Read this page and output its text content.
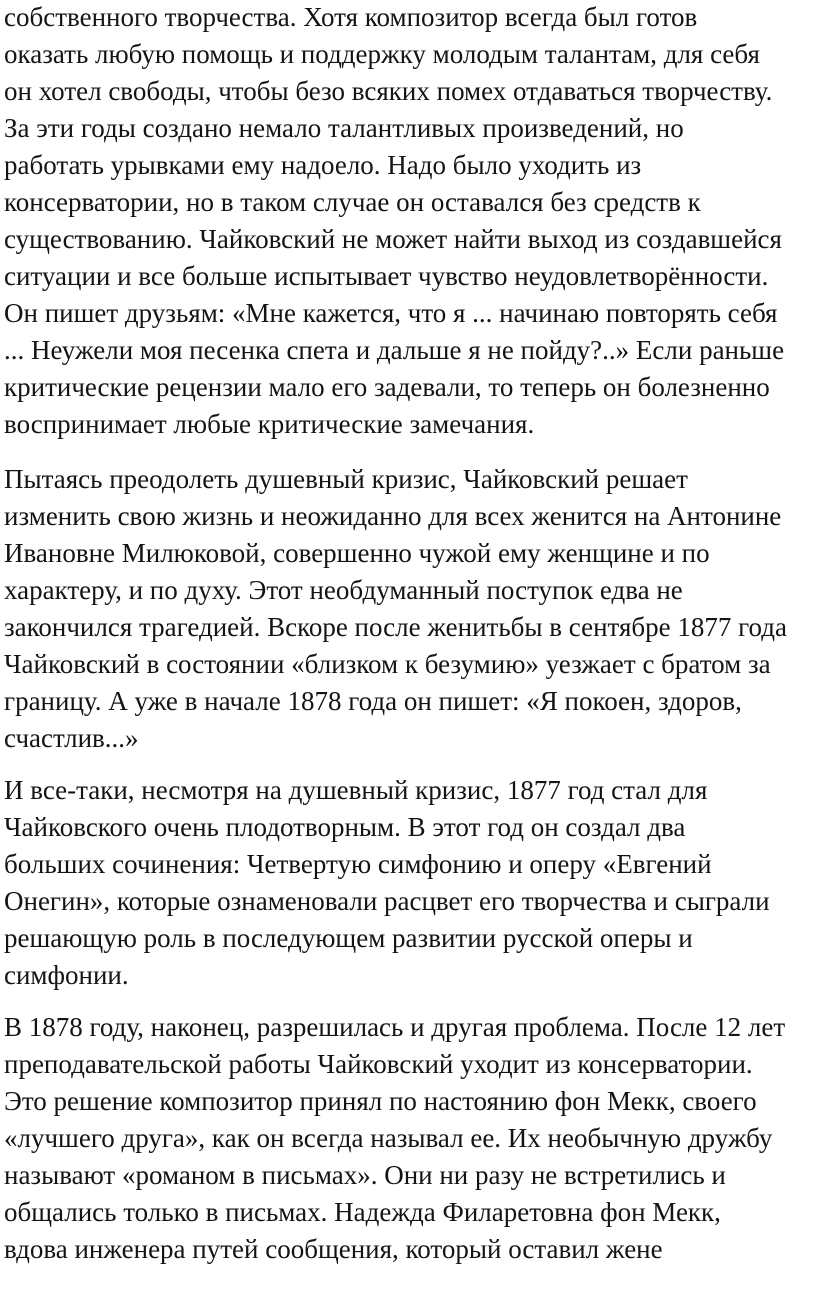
собственного творчества. Хотя композитор всегда был готов
оказать любую помощь и поддержку молодым талантам, для себя
он хотел свободы, чтобы безо всяких помех отдаваться творчеству.
За эти годы создано немало талантливых произведений, но
работать урывками ему надоело. Надо было уходить из
консерватории, но в таком случае он оставался без средств к
существованию. Чайковский не может найти выход из создавшейся
ситуации и все больше испытывает чувство неудовлетворённости.
Он пишет друзьям: «Мне кажется, что я ... начинаю повторять себя
... Неужели моя песенка спета и дальше я не пойду?..» Если раньше
критические рецензии мало его задевали, то теперь он болезненно
воспринимает любые критические замечания.
Пытаясь преодолеть душевный кризис, Чайковский решает
изменить свою жизнь и неожиданно для всех женится на Антонине
Ивановне Милюковой, совершенно чужой ему женщине и по
характеру, и по духу. Этот необдуманный поступок едва не
закончился трагедией. Вскоре после женитьбы в сентябре 1877 года
Чайковский в состоянии «близком к безумию» уезжает с братом за
границу. А уже в начале 1878 года он пишет: «Я покоен, здоров,
счастлив...»
И все-таки, несмотря на душевный кризис, 1877 год стал для
Чайковского очень плодотворным. В этот год он создал два
больших сочинения: Четвертую симфонию и оперу «Евгений
Онегин», которые ознаменовали расцвет его творчества и сыграли
решающую роль в последующем развитии русской оперы и
симфонии.
В 1878 году, наконец, разрешилась и другая проблема. После 12 лет
преподавательской работы Чайковский уходит из консерватории.
Это решение композитор принял по настоянию фон Мекк, своего
«лучшего друга», как он всегда называл ее. Их необычную дружбу
называют «романом в письмах». Они ни разу не встретились и
общались только в письмах. Надежда Филаретовна фон Мекк,
вдова инженера путей сообщения, который оставил жене
